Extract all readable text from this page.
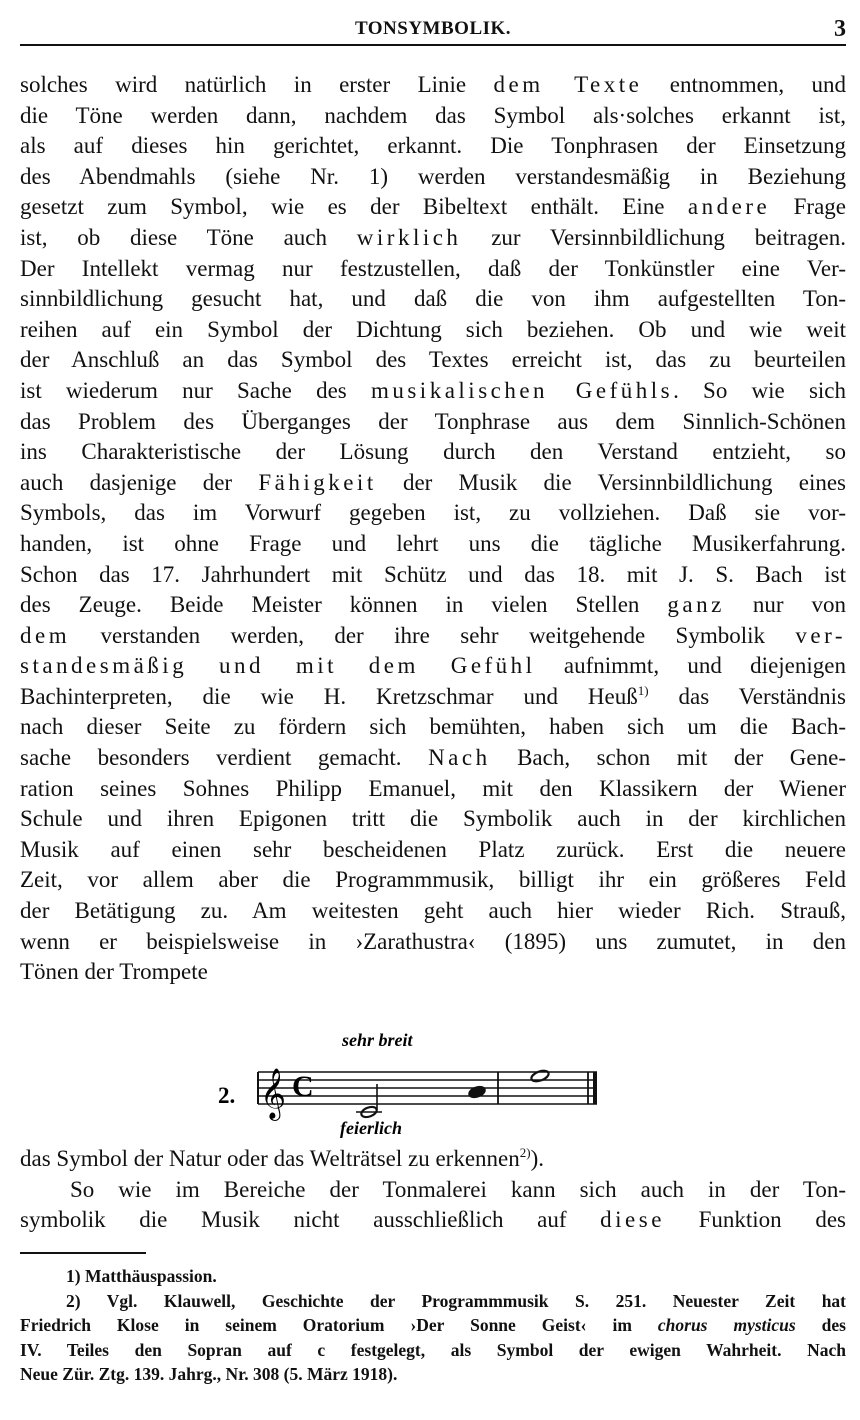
TONSYMBOLIK.	3
solches wird natürlich in erster Linie dem Texte entnommen, und
die Töne werden dann, nachdem das Symbol als·solches erkannt ist,
als auf dieses hin gerichtet, erkannt. Die Tonphrasen der Einsetzung
des Abendmahls (siehe Nr. 1) werden verstandesmäßig in Beziehung
gesetzt zum Symbol, wie es der Bibeltext enthält. Eine andere Frage
ist, ob diese Töne auch wirklich zur Versinnbildlichung beitragen.
Der Intellekt vermag nur festzustellen, daß der Tonkünstler eine Ver-
sinnbildlichung gesucht hat, und daß die von ihm aufgestellten Ton-
reihen auf ein Symbol der Dichtung sich beziehen. Ob und wie weit
der Anschluß an das Symbol des Textes erreicht ist, das zu beurteilen
ist wiederum nur Sache des musikalischen Gefühls. So wie sich
das Problem des Überganges der Tonphrase aus dem Sinnlich-Schönen
ins Charakteristische der Lösung durch den Verstand entzieht, so
auch dasjenige der Fähigkeit der Musik die Versinnbildlichung eines
Symbols, das im Vorwurf gegeben ist, zu vollziehen. Daß sie vor-
handen, ist ohne Frage und lehrt uns die tägliche Musikerfahrung.
Schon das 17. Jahrhundert mit Schütz und das 18. mit J. S. Bach ist
des Zeuge. Beide Meister können in vielen Stellen ganz nur von
dem verstanden werden, der ihre sehr weitgehende Symbolik ver-
standesmäßig und mit dem Gefühl aufnimmt, und diejenigen
Bachinterpreten, die wie H. Kretzschmar und Heuß$^{1)}$ das Verständnis
nach dieser Seite zu fördern sich bemühten, haben sich um die Bach-
sache besonders verdient gemacht. Nach Bach, schon mit der Gene-
ration seines Sohnes Philipp Emanuel, mit den Klassikern der Wiener
Schule und ihren Epigonen tritt die Symbolik auch in der kirchlichen
Musik auf einen sehr bescheidenen Platz zurück. Erst die neuere
Zeit, vor allem aber die Programmmusik, billigt ihr ein größeres Feld
der Betätigung zu. Am weitesten geht auch hier wieder Rich. Strauß,
wenn er beispielsweise in ›Zarathustra‹ (1895) uns zumutet, in den
Tönen der Trompete
2.
sehr breit
feierlich
𝄞 C
das Symbol der Natur oder das Welträtsel zu erkennen$^{2)}$).
So wie im Bereiche der Tonmalerei kann sich auch in der Ton-
symbolik die Musik nicht ausschließlich auf diese Funktion des
1) Matthäuspassion.
2) Vgl. Klauwell, Geschichte der Programmmusik S. 251. Neuester Zeit hat
Friedrich Klose in seinem Oratorium ›Der Sonne Geist‹ im chorus mysticus des
IV. Teiles den Sopran auf c festgelegt, als Symbol der ewigen Wahrheit. Nach
Neue Zür. Ztg. 139. Jahrg., Nr. 308 (5. März 1918).
